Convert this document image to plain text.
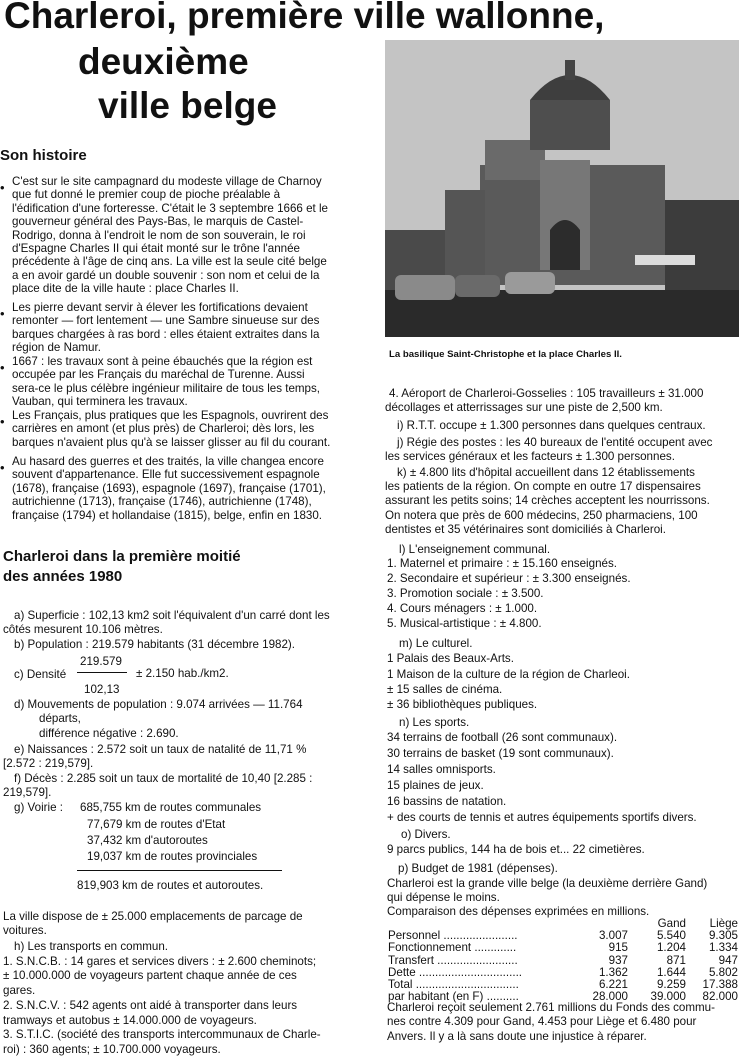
Charleroi, première ville wallonne,
deuxième
ville belge
Son histoire
• C'est sur le site campagnard du modeste village de Charnoy
que fut donné le premier coup de pioche préalable à
l'édification d'une forteresse. C'était le 3 septembre 1666 et le
gouverneur général des Pays-Bas, le marquis de Castel-
Rodrigo, donna à l'endroit le nom de son souverain, le roi
d'Espagne Charles II qui était monté sur le trône l'année
précédente à l'âge de cinq ans. La ville est la seule cité belge
a en avoir gardé un double souvenir : son nom et celui de la
place dite de la ville haute : place Charles II.
• Les pierre devant servir à élever les fortifications devaient
remonter — fort lentement — une Sambre sinueuse sur des
barques chargées à ras bord : elles étaient extraites dans la
région de Namur.
• 1667 : les travaux sont à peine ébauchés que la région est
occupée par les Français du maréchal de Turenne. Aussi
sera-ce le plus célèbre ingénieur militaire de tous les temps,
Vauban, qui terminera les travaux.
• Les Français, plus pratiques que les Espagnols, ouvrirent des
carrières en amont (et plus près) de Charleroi; dès lors, les
barques n'avaient plus qu'à se laisser glisser au fil du courant.
• Au hasard des guerres et des traités, la ville changea encore
souvent d'appartenance. Elle fut successivement espagnole
(1678), française (1693), espagnole (1697), française (1701),
autrichienne (1713), française (1746), autrichienne (1748),
française (1794) et hollandaise (1815), belge, enfin en 1830.
Charleroi dans la première moitié
des années 1980
a) Superficie : 102,13 km2 soit l'équivalent d'un carré dont les
côtés mesurent 10.106 mètres.
b) Population : 219.579 habitants (31 décembre 1982).
c) Densité
219.579
102,13
± 2.150 hab./km2.
d) Mouvements de population : 9.074 arrivées — 11.764
départs,
différence négative : 2.690.
e) Naissances : 2.572 soit un taux de natalité de 11,71 %
[2.572 : 219,579].
f) Décès : 2.285 soit un taux de mortalité de 10,40 [2.285 :
219,579].
g) Voirie : 685,755 km de routes communales
77,679 km de routes d'Etat
37,432 km d'autoroutes
19,037 km de routes provinciales
819,903 km de routes et autoroutes.
La ville dispose de ± 25.000 emplacements de parcage de
voitures.
h) Les transports en commun.
1. S.N.C.B. : 14 gares et services divers : ± 2.600 cheminots;
± 10.000.000 de voyageurs partent chaque année de ces
gares.
2. S.N.C.V. : 542 agents ont aidé à transporter dans leurs
tramways et autobus ± 14.000.000 de voyageurs.
3. S.T.I.C. (société des transports intercommunaux de Charle-
roi) : 360 agents; ± 10.700.000 voyageurs.
La basilique Saint-Christophe et la place Charles II.
4. Aéroport de Charleroi-Gosselies : 105 travailleurs ± 31.000
décollages et atterrissages sur une piste de 2,500 km.
i) R.T.T. occupe ± 1.300 personnes dans quelques centraux.
j) Régie des postes : les 40 bureaux de l'entité occupent avec
les services généraux et les facteurs ± 1.300 personnes.
k) ± 4.800 lits d'hôpital accueillent dans 12 établissements
les patients de la région. On compte en outre 17 dispensaires
assurant les petits soins; 14 crèches acceptent les nourrissons.
On notera que près de 600 médecins, 250 pharmaciens, 100
dentistes et 35 vétérinaires sont domiciliés à Charleroi.
l) L'enseignement communal.
1. Maternel et primaire : ± 15.160 enseignés.
2. Secondaire et supérieur : ± 3.300 enseignés.
3. Promotion sociale : ± 3.500.
4. Cours ménagers : ± 1.000.
5. Musical-artistique : ± 4.800.
m) Le culturel.
1 Palais des Beaux-Arts.
1 Maison de la culture de la région de Charleoi.
± 15 salles de cinéma.
± 36 bibliothèques publiques.
n) Les sports.
34 terrains de football (26 sont communaux).
30 terrains de basket (19 sont communaux).
14 salles omnisports.
15 plaines de jeux.
16 bassins de natation.
+ des courts de tennis et autres équipements sportifs divers.
o) Divers.
9 parcs publics, 144 ha de bois et... 22 cimetières.
p) Budget de 1981 (dépenses).
Charleroi est la grande ville belge (la deuxième derrière Gand)
qui dépense le moins.
Comparaison des dépenses exprimées en millions.
		Gand	Liège
Personnel .......................	3.007	5.540	9.305
Fonctionnement .............	915	1.204	1.334
Transfert .........................	937	871	947
Dette ................................	1.362	1.644	5.802
Total ................................	6.221	9.259	17.388
par habitant (en F) ..........	28.000	39.000	82.000
Charleroi reçoit seulement 2.761 millions du Fonds des commu-
nes contre 4.309 pour Gand, 4.453 pour Liège et 6.480 pour
Anvers. Il y a là sans doute une injustice à réparer.
